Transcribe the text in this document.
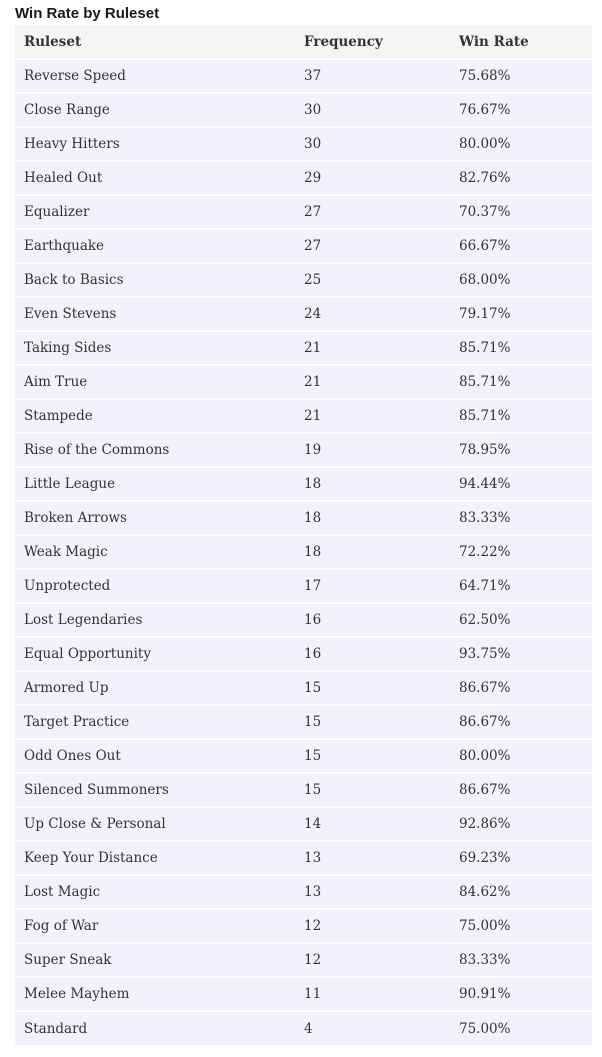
Win Rate by Ruleset
Ruleset	Frequency	Win Rate
Reverse Speed	37	75.68%
Close Range	30	76.67%
Heavy Hitters	30	80.00%
Healed Out	29	82.76%
Equalizer	27	70.37%
Earthquake	27	66.67%
Back to Basics	25	68.00%
Even Stevens	24	79.17%
Taking Sides	21	85.71%
Aim True	21	85.71%
Stampede	21	85.71%
Rise of the Commons	19	78.95%
Little League	18	94.44%
Broken Arrows	18	83.33%
Weak Magic	18	72.22%
Unprotected	17	64.71%
Lost Legendaries	16	62.50%
Equal Opportunity	16	93.75%
Armored Up	15	86.67%
Target Practice	15	86.67%
Odd Ones Out	15	80.00%
Silenced Summoners	15	86.67%
Up Close & Personal	14	92.86%
Keep Your Distance	13	69.23%
Lost Magic	13	84.62%
Fog of War	12	75.00%
Super Sneak	12	83.33%
Melee Mayhem	11	90.91%
Standard	4	75.00%
